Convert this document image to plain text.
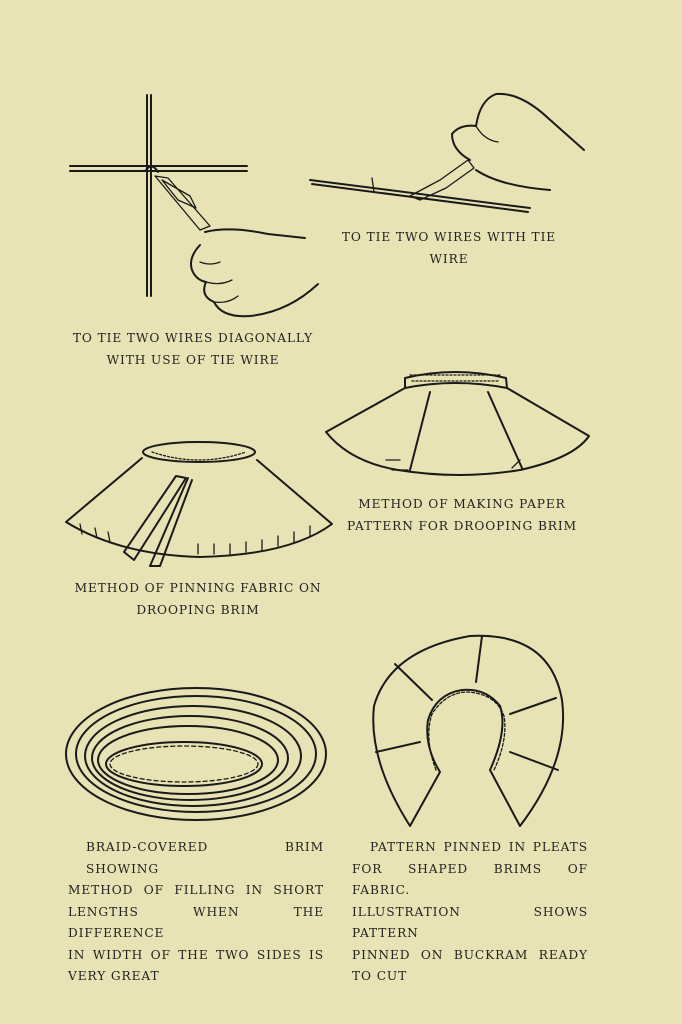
TO TIE TWO WIRES DIAGONALLY
WITH USE OF TIE WIRE
TO TIE TWO WIRES WITH TIE
WIRE
METHOD OF MAKING PAPER
PATTERN FOR DROOPING BRIM
METHOD OF PINNING FABRIC ON
DROOPING BRIM
BRAID-COVERED BRIM SHOWING
METHOD OF FILLING IN SHORT
LENGTHS WHEN THE DIFFERENCE
IN WIDTH OF THE TWO SIDES IS
VERY GREAT
PATTERN PINNED IN PLEATS
FOR SHAPED BRIMS OF FABRIC.
ILLUSTRATION SHOWS PATTERN
PINNED ON BUCKRAM READY
TO CUT
